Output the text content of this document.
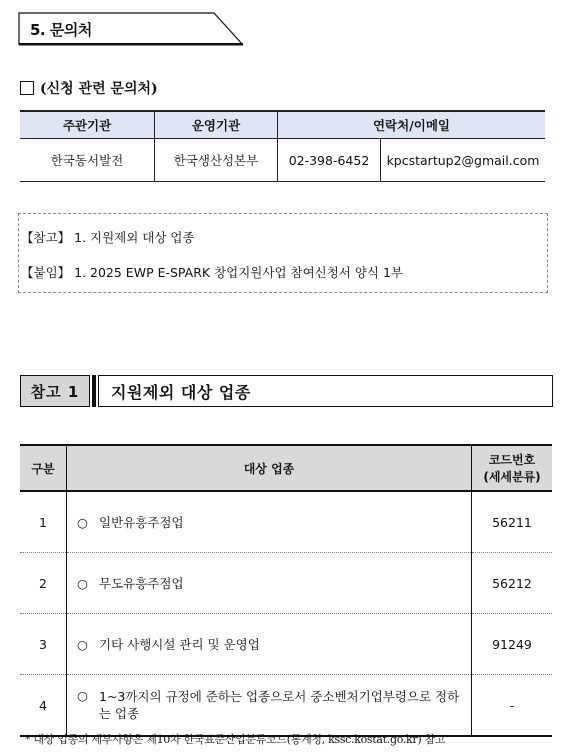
5. 문의처
(신청 관련 문의처)
주관기관	운영기관	연락처/이메일	
한국동서발전	한국생산성본부	02-398-6452	kpcstartup2@gmail.com
【참고】 1. 지원제외 대상 업종
【붙임】 1. 2025 EWP E-SPARK 창업지원사업 참여신청서 양식 1부
참고 1	지원제외 대상 업종
구분	대상 업종	코드번호
(세세분류)

1	○ 일반유흥주점업	56211
2	○ 무도유흥주점업	56212
3	○ 기타 사행시설 관리 및 운영업	91249
4	○ 1~3까지의 규정에 준하는 업종으로서 중소벤처기업부령으로 정하는 업종	-
* 대상 업종의 세부사항은 제10차 한국표준산업분류코드(통계청, kssc.kostat.go.kr) 참고
